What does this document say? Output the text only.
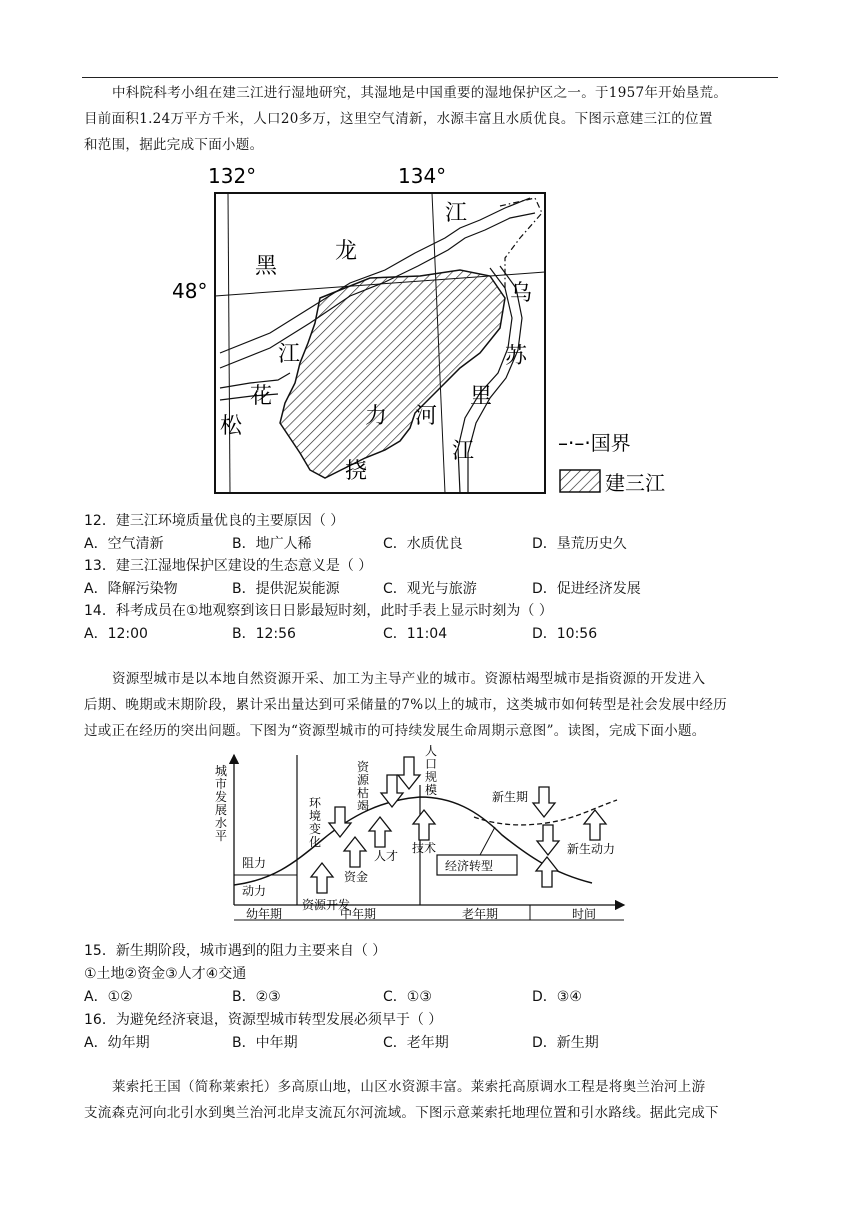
中科院科考小组在建三江进行湿地研究，其湿地是中国重要的湿地保护区之一。于1957年开始垦荒。
目前面积1.24万平方千米，人口20多万，这里空气清新，水源丰富且水质优良。下图示意建三江的位置
和范围，据此完成下面小题。
132°	134°
48°
黑
龙
江
乌
苏
里
江
松
花
江
挠
力 河
–·–·国界
建三江
12．建三江环境质量优良的主要原因（ ）
A．空气清新	B．地广人稀	C．水质优良	D．垦荒历史久
13．建三江湿地保护区建设的生态意义是（ ）
A．降解污染物	B．提供泥炭能源	C．观光与旅游	D．促进经济发展
14．科考成员在①地观察到该日日影最短时刻，此时手表上显示时刻为（ ）
A．12:00	B．12:56	C．11:04	D．10:56
资源型城市是以本地自然资源开采、加工为主导产业的城市。资源枯竭型城市是指资源的开发进入
后期、晚期或末期阶段，累计采出量达到可采储量的7%以上的城市，这类城市如何转型是社会发展中经历
过或正在经历的突出问题。下图为“资源型城市的可持续发展生命周期示意图”。读图，完成下面小题。
阻力
动力
资金
人才
技术
资源开发
经济转型
新生期
新生动力
幼年期	中年期	老年期	时间
城
市
发
展
水
平
环
境
变
化
资
源
枯
竭
人
口
规
模
15．新生期阶段，城市遇到的阻力主要来自（ ）
①土地②资金③人才④交通
A．①②	B．②③	C．①③	D．③④
16．为避免经济衰退，资源型城市转型发展必须早于（ ）
A．幼年期	B．中年期	C．老年期	D．新生期
莱索托王国（简称莱索托）多高原山地，山区水资源丰富。莱索托高原调水工程是将奥兰治河上游
支流森克河向北引水到奥兰治河北岸支流瓦尔河流域。下图示意莱索托地理位置和引水路线。据此完成下
